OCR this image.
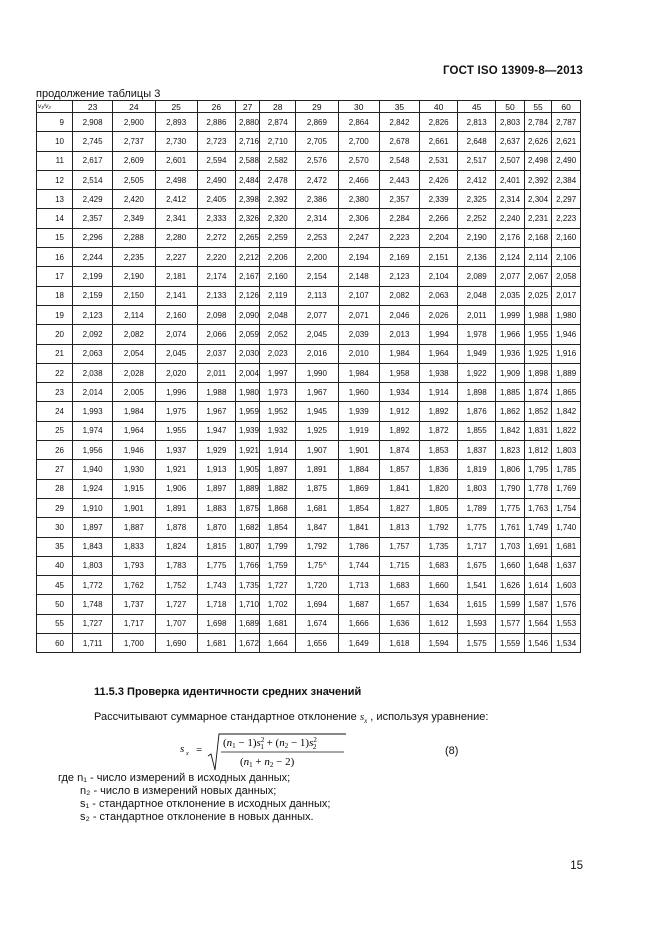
ГОСТ ISO 13909-8—2013
продолжение таблицы 3
ν₁/ν₂	23	24	25	26	27	28	29	30	35	40	45	50	55	60
9	2,908	2,900	2,893	2,886	2,880	2,874	2,869	2,864	2,842	2,826	2,813	2,803	2,784	2,787
10	2,745	2,737	2,730	2,723	2,716	2,710	2,705	2,700	2,678	2,661	2,648	2,637	2,626	2,621
11	2,617	2,609	2,601	2,594	2,588	2,582	2,576	2,570	2,548	2,531	2,517	2,507	2,498	2,490
12	2,514	2,505	2,498	2,490	2,484	2,478	2,472	2,466	2,443	2,426	2,412	2,401	2,392	2,384
13	2,429	2,420	2,412	2,405	2,398	2,392	2,386	2,380	2,357	2,339	2,325	2,314	2,304	2,297
14	2,357	2,349	2,341	2,333	2,326	2,320	2,314	2,306	2,284	2,266	2,252	2,240	2,231	2,223
15	2,296	2,288	2,280	2,272	2,265	2,259	2,253	2,247	2,223	2,204	2,190	2,176	2,168	2,160
16	2,244	2,235	2,227	2,220	2,212	2,206	2,200	2,194	2,169	2,151	2,136	2,124	2,114	2,106
17	2,199	2,190	2,181	2,174	2,167	2,160	2,154	2,148	2,123	2,104	2,089	2,077	2,067	2,058
18	2,159	2,150	2,141	2,133	2,126	2,119	2,113	2,107	2,082	2,063	2,048	2,035	2,025	2,017
19	2,123	2,114	2,160	2,098	2,090	2,048	2,077	2,071	2,046	2,026	2,011	1,999	1,988	1,980
20	2,092	2,082	2,074	2,066	2,059	2,052	2,045	2,039	2,013	1,994	1,978	1,966	1,955	1,946
21	2,063	2,054	2,045	2,037	2,030	2,023	2,016	2,010	1,984	1,964	1,949	1,936	1,925	1,916
22	2,038	2,028	2,020	2,011	2,004	1,997	1,990	1,984	1,958	1,938	1,922	1,909	1,898	1,889
23	2,014	2,005	1,996	1,988	1,980	1,973	1,967	1,960	1,934	1,914	1,898	1,885	1,874	1,865
24	1,993	1,984	1,975	1,967	1,959	1,952	1,945	1,939	1,912	1,892	1,876	1,862	1,852	1,842
25	1,974	1,964	1,955	1,947	1,939	1,932	1,925	1,919	1,892	1,872	1,855	1,842	1,831	1,822
26	1,956	1,946	1,937	1,929	1,921	1,914	1,907	1,901	1,874	1,853	1,837	1,823	1,812	1,803
27	1,940	1,930	1,921	1,913	1,905	1,897	1,891	1,884	1,857	1,836	1,819	1,806	1,795	1,785
28	1,924	1,915	1,906	1,897	1,889	1,882	1,875	1,869	1,841	1,820	1,803	1,790	1,778	1,769
29	1,910	1,901	1,891	1,883	1,875	1,868	1,681	1,854	1,827	1,805	1,789	1,775	1,763	1,754
30	1,897	1,887	1,878	1,870	1,682	1,854	1,847	1,841	1,813	1,792	1,775	1,761	1,749	1,740
35	1,843	1,833	1,824	1,815	1,807	1,799	1,792	1,786	1,757	1,735	1,717	1,703	1,691	1,681
40	1,803	1,793	1,783	1,775	1,766	1,759	1,75^	1,744	1,715	1,683	1,675	1,660	1,648	1,637
45	1,772	1,762	1,752	1,743	1,735	1,727	1,720	1,713	1,683	1,660	1,541	1,626	1,614	1,603
50	1,748	1,737	1,727	1,718	1,710	1,702	1,694	1,687	1,657	1,634	1,615	1,599	1,587	1,576
55	1,727	1,717	1,707	1,698	1,689	1,681	1,674	1,666	1,636	1,612	1,593	1,577	1,564	1,553
60	1,711	1,700	1,690	1,681	1,672	1,664	1,656	1,649	1,618	1,594	1,575	1,559	1,546	1,534
11.5.3 Проверка идентичности средних значений
Рассчитывают суммарное стандартное отклонение $s_x$ , используя уравнение:
s x =
$(n1 - 1)s^2$ $1 + (n2 - 1)s^2$ 2
(n1 + n2 − 2)
(8)
где n₁ - число измерений в исходных данных;
n₂ - число в измерений новых данных;
s₁ - стандартное отклонение в исходных данных;
s₂ - стандартное отклонение в новых данных.
15
